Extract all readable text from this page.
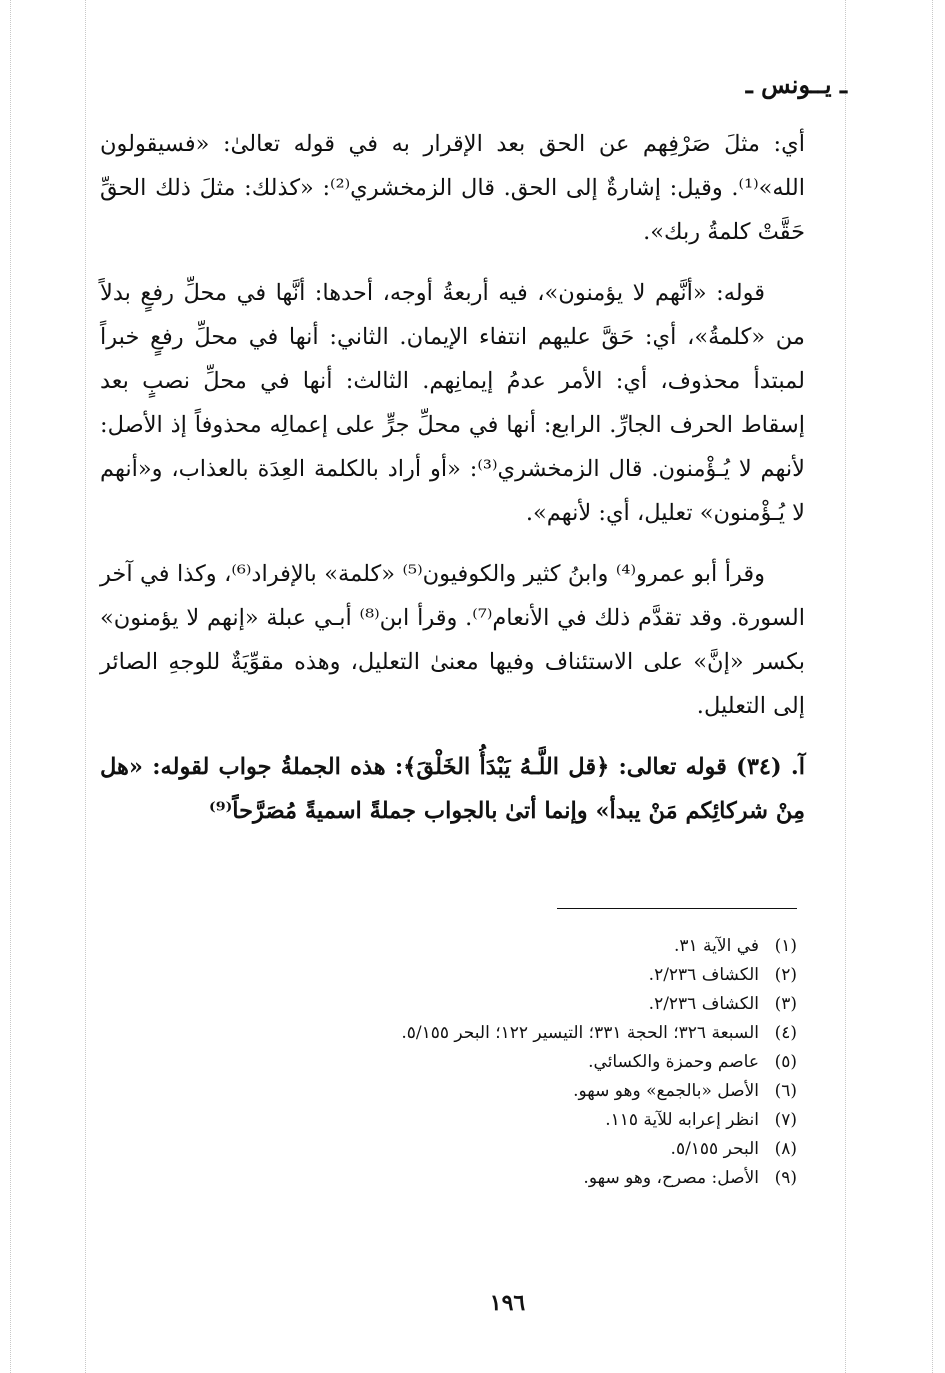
ـ يــونس ـ

أي: مثلَ صَرْفِهم عن الحق بعد الإقرار به في قوله تعالىٰ: «فسيقولون الله»⁽¹⁾. وقيل: إشارةٌ إلى الحق. قال الزمخشري⁽²⁾: «كذلك: مثلَ ذلك الحقِّ حَقَّتْ كلمةُ ربك».

قوله: «أنَّهم لا يؤمنون»، فيه أربعةُ أوجه، أحدها: أنَّها في محلِّ رفعٍ بدلاً من «كلمةُ»، أي: حَقَّ عليهم انتفاء الإيمان. الثاني: أنها في محلِّ رفعٍ خبراً لمبتدأ محذوف، أي: الأمر عدمُ إيمانِهم. الثالث: أنها في محلِّ نصبٍ بعد إسقاط الحرف الجارِّ. الرابع: أنها في محلِّ جرٍّ على إعمالِه محذوفاً إذ الأصل: لأنهم لا يُـؤْمنون. قال الزمخشري⁽³⁾: «أو أراد بالكلمة العِدَة بالعذاب، و«أنهم لا يُـؤْمنون» تعليل، أي: لأنهم».

وقرأ أبو عمرو⁽⁴⁾ وابنُ كثير والكوفيون⁽⁵⁾ «كلمة» بالإفراد⁽⁶⁾، وكذا في آخر السورة. وقد تقدَّم ذلك في الأنعام⁽⁷⁾. وقرأ ابن⁽⁸⁾ أبـي عبلة «إنهم لا يؤمنون» بكسر «إنَّ» على الاستئناف وفيها معنىٰ التعليل، وهذه مقوِّيَةٌ للوجهِ الصائر إلى التعليل.

آ. (٣٤) قوله تعالى: ﴿قل اللَّـهُ يَبْدَأُ الخَلْقَ﴾: هذه الجملةُ جواب لقوله: «هل مِنْ شركائِكم مَنْ يبدأ» وإنما أتىٰ بالجواب جملةً اسميةً مُصَرَّحاً⁽⁹⁾

(١)في الآية ٣١.
(٢)الكشاف ٢/٢٣٦.
(٣)الكشاف ٢/٢٣٦.
(٤)السبعة ٣٢٦؛ الحجة ٣٣١؛ التيسير ١٢٢؛ البحر ٥/١٥٥.
(٥)عاصم وحمزة والكسائي.
(٦)الأصل «بالجمع» وهو سهو.
(٧)انظر إعرابه للآية ١١٥.
(٨)البحر ٥/١٥٥.
(٩)الأصل: مصرح، وهو سهو.
١٩٦
